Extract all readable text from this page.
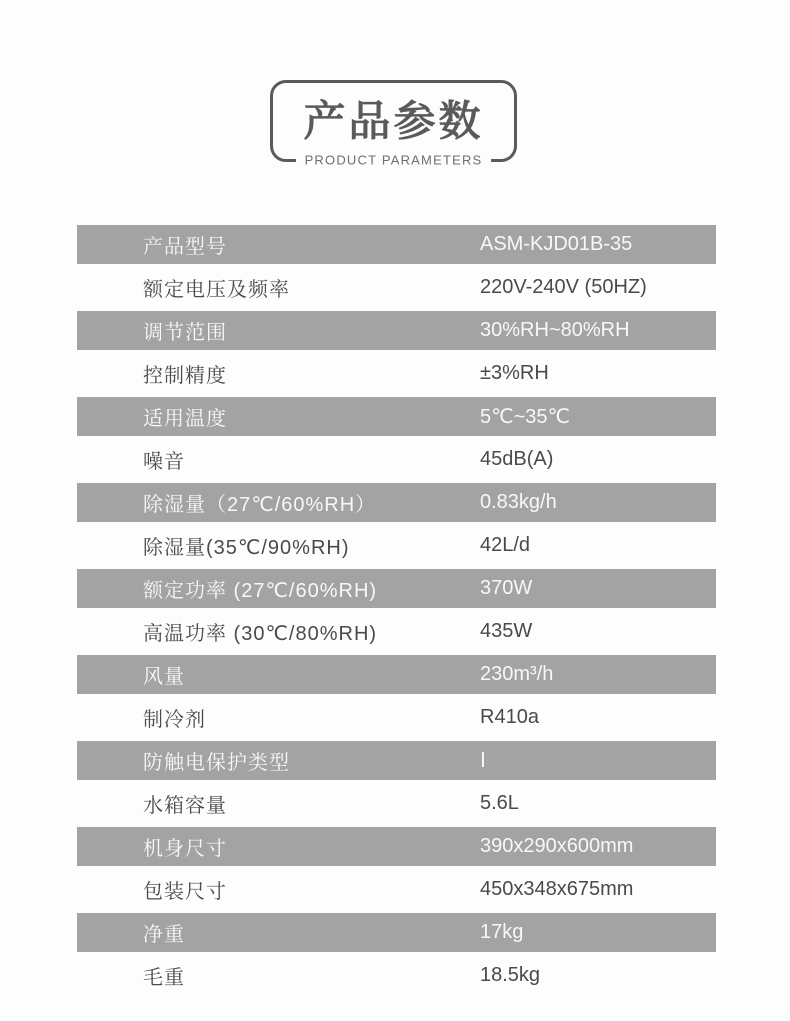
产品参数
PRODUCT PARAMETERS
产品型号	ASM-KJD01B-35
额定电压及频率	220V-240V (50HZ)
调节范围	30%RH~80%RH
控制精度	±3%RH
适用温度	5℃~35℃
噪音	45dB(A)
除湿量（27℃/60%RH）	0.83kg/h
除湿量(35℃/90%RH)	42L/d
额定功率 (27℃/60%RH)	370W
高温功率 (30℃/80%RH)	435W
风量	230m³/h
制冷剂	R410a
防触电保护类型	Ⅰ
水箱容量	5.6L
机身尺寸	390x290x600mm
包装尺寸	450x348x675mm
净重	17kg
毛重	18.5kg
